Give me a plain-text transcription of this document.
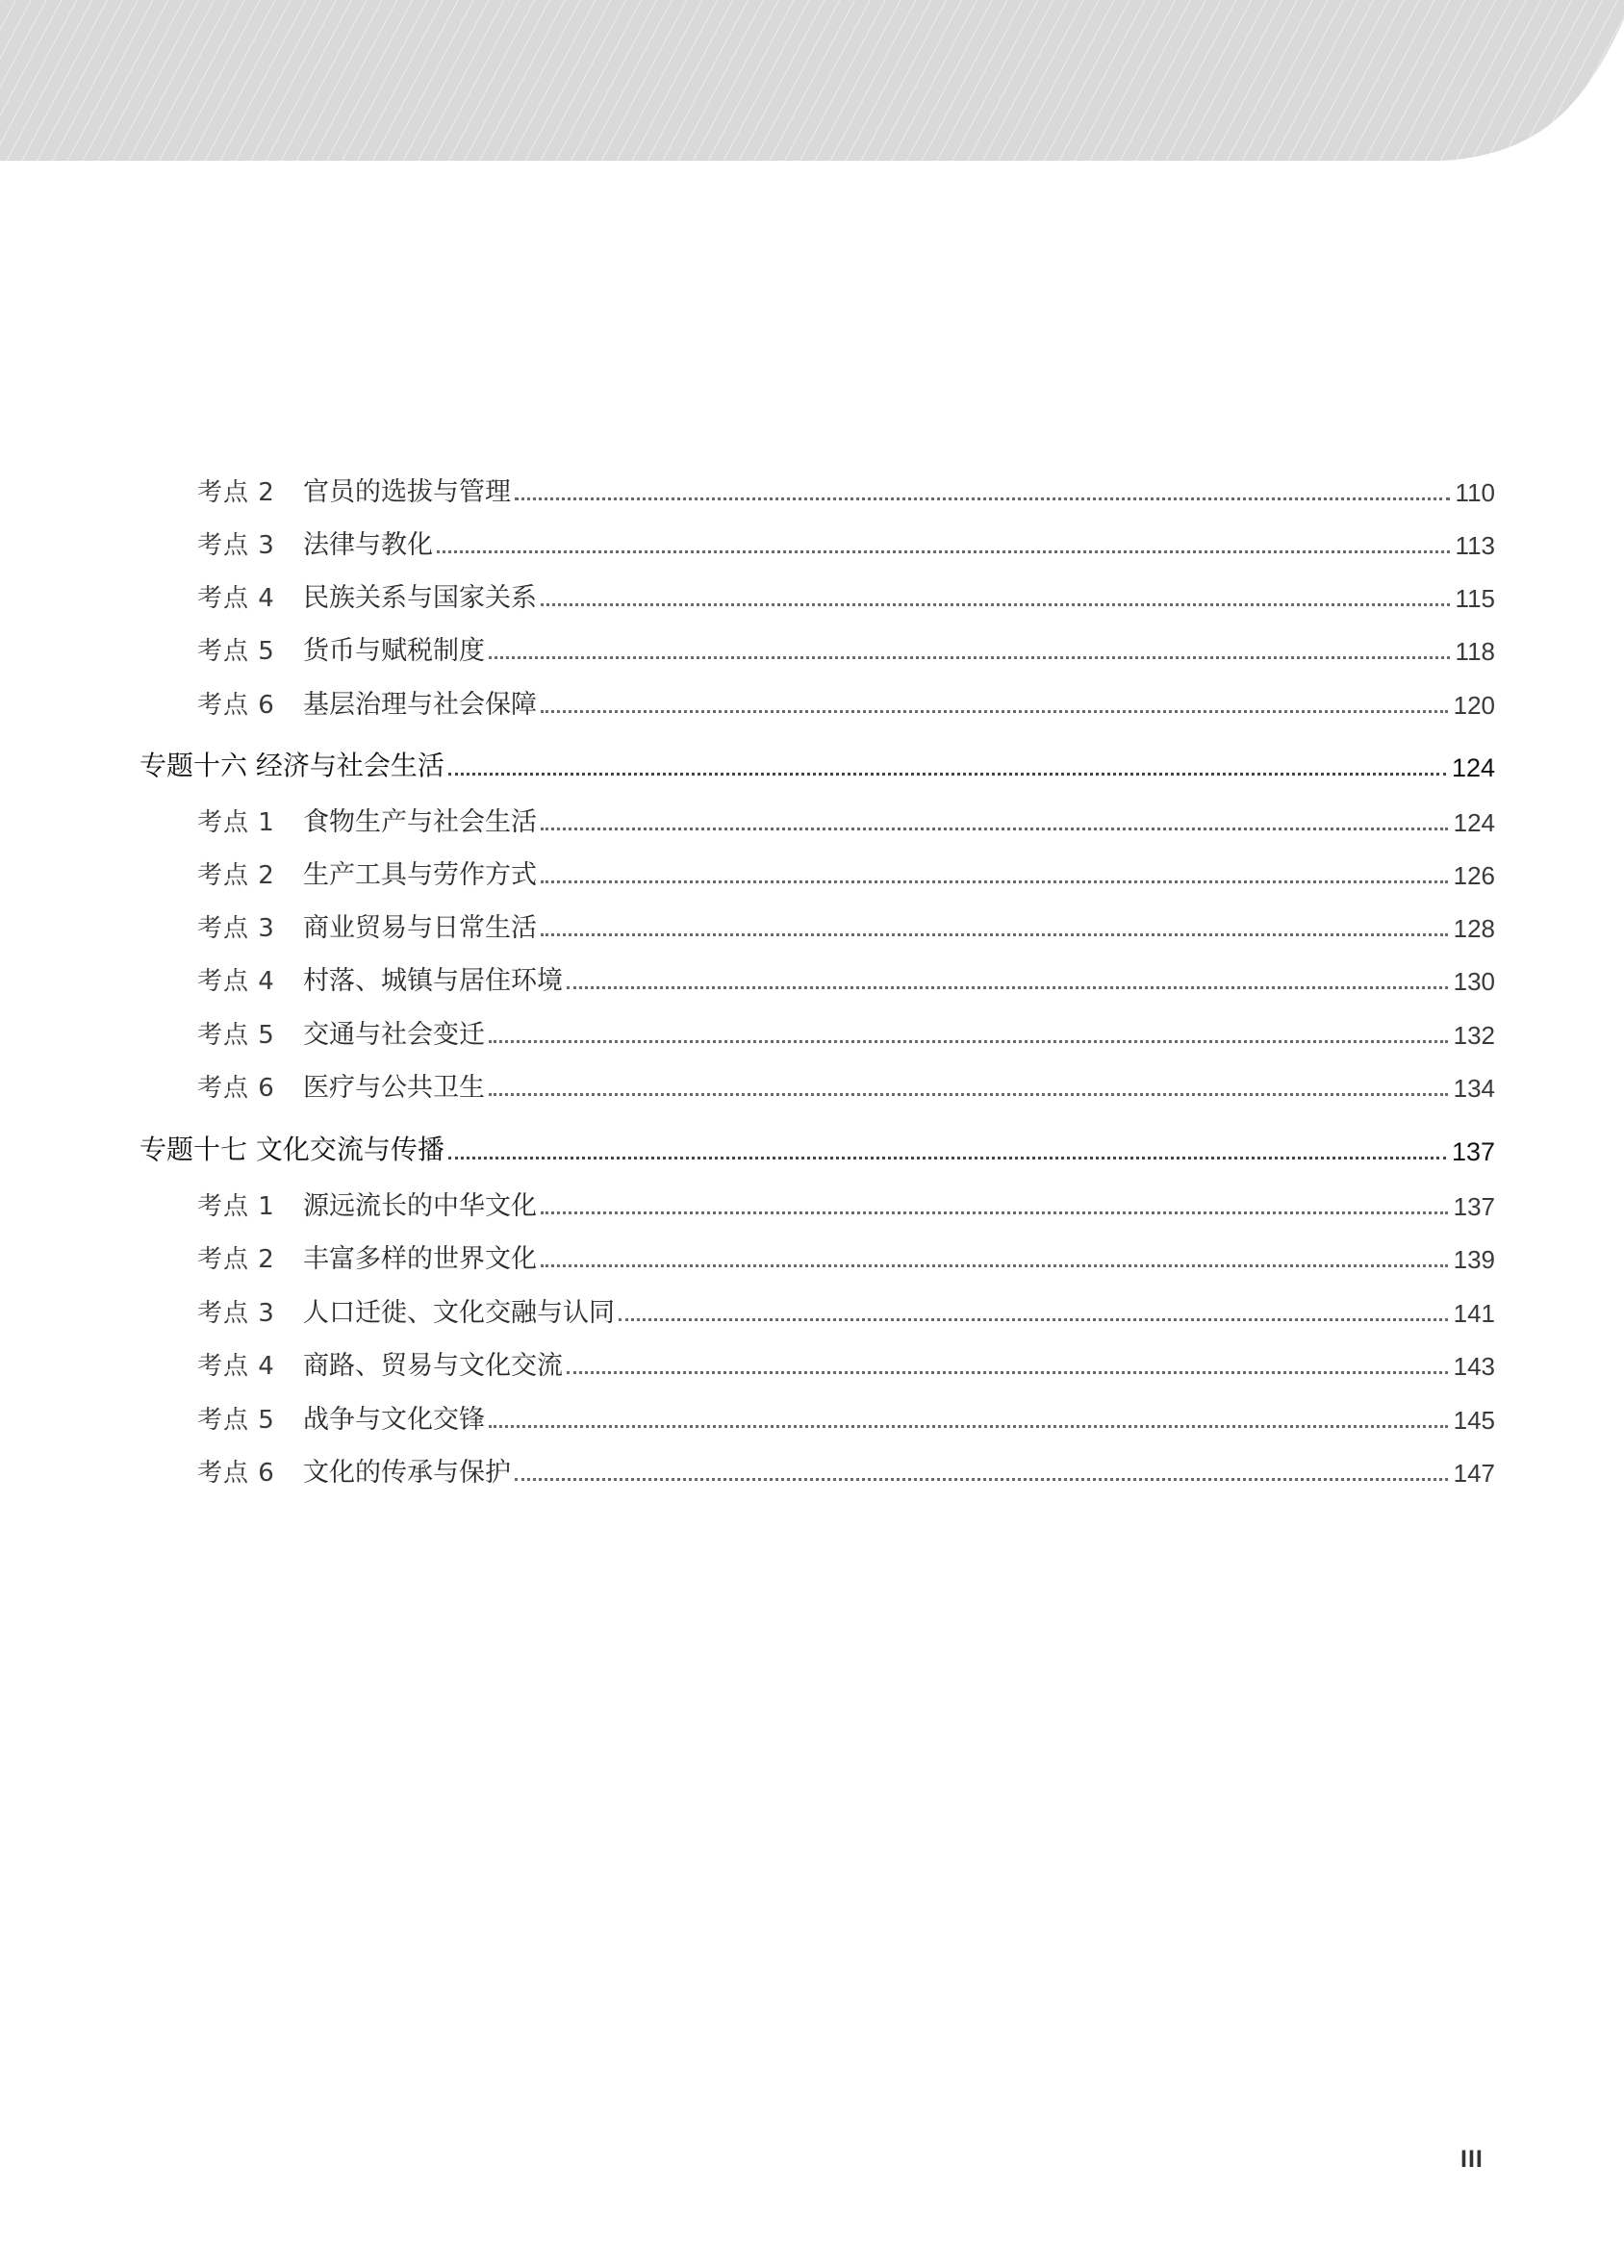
考点 2	官员的选拔与管理	110
考点 3	法律与教化	113
考点 4	民族关系与国家关系	115
考点 5	货币与赋税制度	118
考点 6	基层治理与社会保障	120
专题十六 经济与社会生活	124
考点 1	食物生产与社会生活	124
考点 2	生产工具与劳作方式	126
考点 3	商业贸易与日常生活	128
考点 4	村落、城镇与居住环境	130
考点 5	交通与社会变迁	132
考点 6	医疗与公共卫生	134
专题十七 文化交流与传播	137
考点 1	源远流长的中华文化	137
考点 2	丰富多样的世界文化	139
考点 3	人口迁徙、文化交融与认同	141
考点 4	商路、贸易与文化交流	143
考点 5	战争与文化交锋	145
考点 6	文化的传承与保护	147
III
